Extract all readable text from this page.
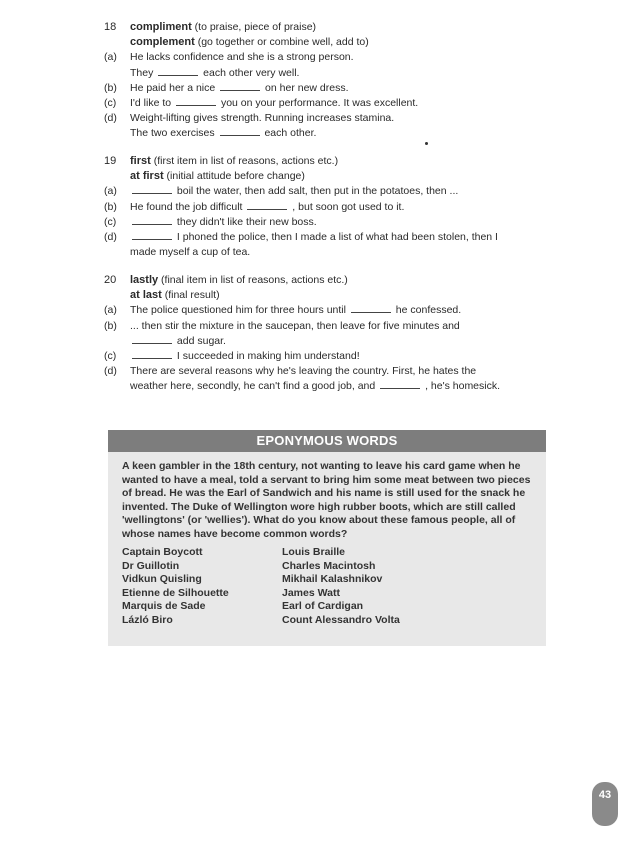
18	compliment (to praise, piece of praise)
complement (go together or combine well, add to)
(a)	He lacks confidence and she is a strong person.
They	each other very well.
(b)	He paid her a nice	on her new dress.
(c)	I'd like to	you on your performance. It was excellent.
(d)	Weight-lifting gives strength. Running increases stamina.
The two exercises	each other.
19	first (first item in list of reasons, actions etc.)
at first (initial attitude before change)
(a)	boil the water, then add salt, then put in the potatoes, then ...
(b)	He found the job difficult	, but soon got used to it.
(c)	they didn't like their new boss.
(d)	I phoned the police, then I made a list of what had been stolen, then I
made myself a cup of tea.
20	lastly (final item in list of reasons, actions etc.)
at last (final result)
(a)	The police questioned him for three hours until	he confessed.
(b)	... then stir the mixture in the saucepan, then leave for five minutes and
add sugar.
(c)	I succeeded in making him understand!
(d)	There are several reasons why he's leaving the country. First, he hates the
weather here, secondly, he can't find a good job, and	, he's homesick.
EPONYMOUS WORDS
A keen gambler in the 18th century, not wanting to leave his card game when he wanted to have a meal, told a servant to bring him some meat between two pieces of bread. He was the Earl of Sandwich and his name is still used for the snack he invented. The Duke of Wellington wore high rubber boots, which are still called 'wellingtons' (or 'wellies'). What do you know about these famous people, all of whose names have become common words?
Captain Boycott
Dr Guillotin
Vidkun Quisling
Etienne de Silhouette
Marquis de Sade
Lázló Biro
Louis Braille
Charles Macintosh
Mikhail Kalashnikov
James Watt
Earl of Cardigan
Count Alessandro Volta
43
